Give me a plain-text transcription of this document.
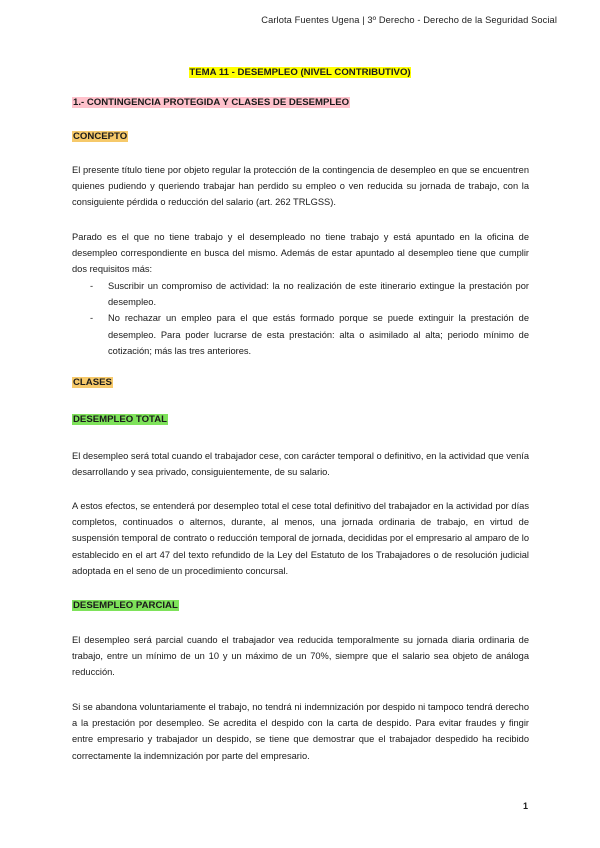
Carlota Fuentes Ugena | 3º Derecho - Derecho de la Seguridad Social
TEMA 11 - DESEMPLEO (NIVEL CONTRIBUTIVO)
1.- CONTINGENCIA PROTEGIDA Y CLASES DE DESEMPLEO
CONCEPTO

El presente título tiene por objeto regular la protección de la contingencia de desempleo en que se encuentren quienes pudiendo y queriendo trabajar han perdido su empleo o ven reducida su jornada de trabajo, con la consiguiente pérdida o reducción del salario (art. 262 TRLGSS).

Parado es el que no tiene trabajo y el desempleado no tiene trabajo y está apuntado en la oficina de desempleo correspondiente en busca del mismo. Además de estar apuntado al desempleo tiene que cumplir dos requisitos más:

- Suscribir un compromiso de actividad: la no realización de este itinerario extingue la prestación por desempleo.
- No rechazar un empleo para el que estás formado porque se puede extinguir la prestación de desempleo. Para poder lucrarse de esta prestación: alta o asimilado al alta; periodo mínimo de cotización; más las tres anteriores.
CLASES
DESEMPLEO TOTAL

El desempleo será total cuando el trabajador cese, con carácter temporal o definitivo, en la actividad que venía desarrollando y sea privado, consiguientemente, de su salario.

A estos efectos, se entenderá por desempleo total el cese total definitivo del trabajador en la actividad por días completos, continuados o alternos, durante, al menos, una jornada ordinaria de trabajo, en virtud de suspensión temporal de contrato o reducción temporal de jornada, decididas por el empresario al amparo de lo establecido en el art 47 del texto refundido de la Ley del Estatuto de los Trabajadores o de resolución judicial adoptada en el seno de un procedimiento concursal.

DESEMPLEO PARCIAL

El desempleo será parcial cuando el trabajador vea reducida temporalmente su jornada diaria ordinaria de trabajo, entre un mínimo de un 10 y un máximo de un 70%, siempre que el salario sea objeto de análoga reducción.

Si se abandona voluntariamente el trabajo, no tendrá ni indemnización por despido ni tampoco tendrá derecho a la prestación por desempleo. Se acredita el despido con la carta de despido. Para evitar fraudes y fingir entre empresario y trabajador un despido, se tiene que demostrar que el trabajador despedido ha recibido correctamente la indemnización por parte del empresario.

1
